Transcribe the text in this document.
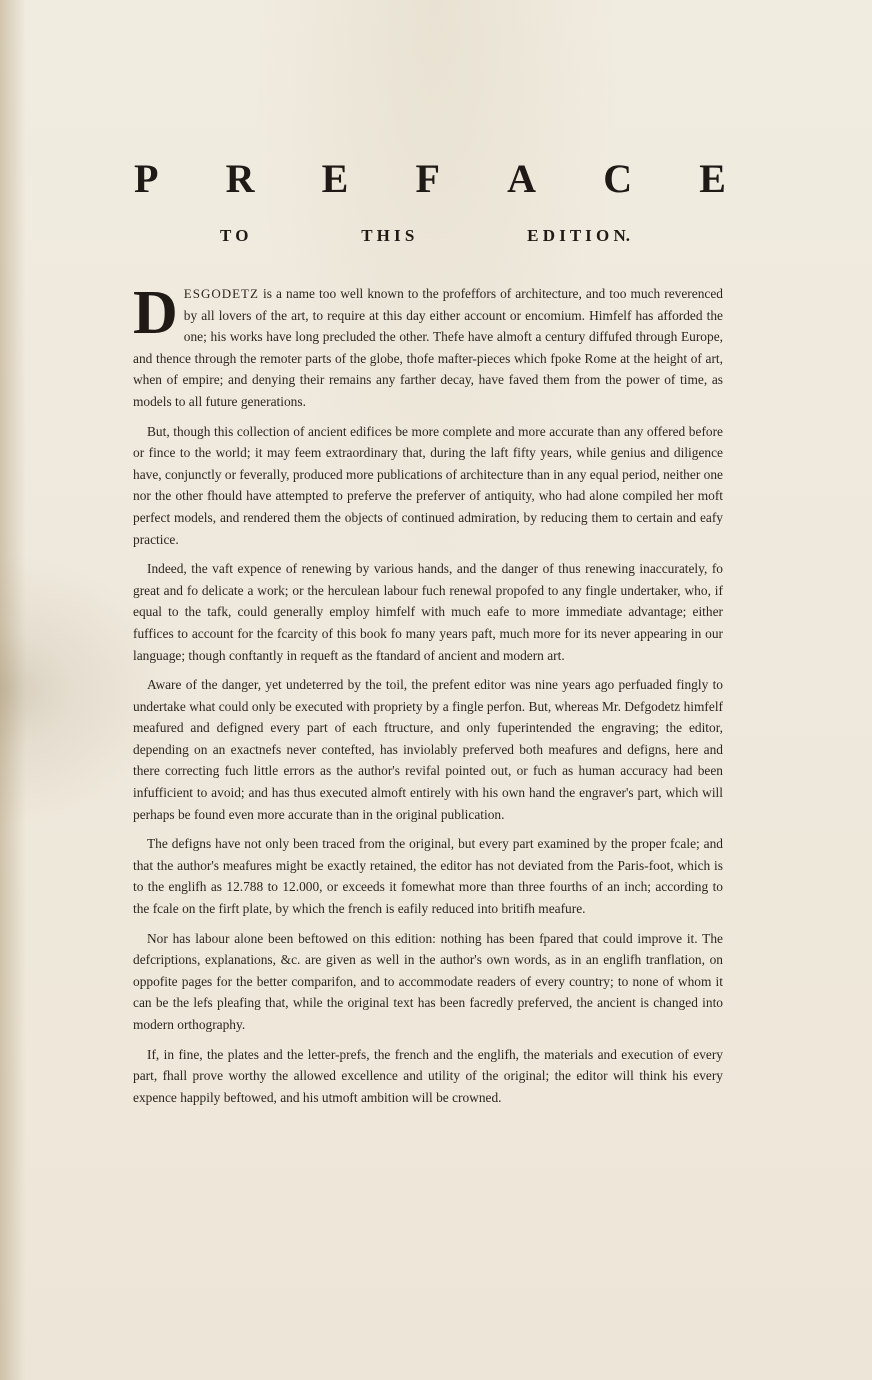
P R E F A C E
T O	T H I S	E D I T I O N.

DESGODETZ is a name too well known to the profeffors of architecture, and too much reverenced by all lovers of the art, to require at this day either account or encomium. Himfelf has afforded the one; his works have long precluded the other. Thefe have almoft a century diffufed through Europe, and thence through the remoter parts of the globe, thofe mafter-pieces which fpoke Rome at the height of art, when of empire; and denying their remains any farther decay, have faved them from the power of time, as models to all future generations.

But, though this collection of ancient edifices be more complete and more accurate than any offered before or fince to the world; it may feem extraordinary that, during the laft fifty years, while genius and diligence have, conjunctly or feverally, produced more publications of architecture than in any equal period, neither one nor the other fhould have attempted to preferve the preferver of antiquity, who had alone compiled her moft perfect models, and rendered them the objects of continued admiration, by reducing them to certain and eafy practice.

Indeed, the vaft expence of renewing by various hands, and the danger of thus renewing inaccurately, fo great and fo delicate a work; or the herculean labour fuch renewal propofed to any fingle undertaker, who, if equal to the tafk, could generally employ himfelf with much eafe to more immediate advantage; either fuffices to account for the fcarcity of this book fo many years paft, much more for its never appearing in our language; though conftantly in requeft as the ftandard of ancient and modern art.

Aware of the danger, yet undeterred by the toil, the prefent editor was nine years ago perfuaded fingly to undertake what could only be executed with propriety by a fingle perfon. But, whereas Mr. Defgodetz himfelf meafured and defigned every part of each ftructure, and only fuperintended the engraving; the editor, depending on an exactnefs never contefted, has inviolably preferved both meafures and defigns, here and there correcting fuch little errors as the author's revifal pointed out, or fuch as human accuracy had been infufficient to avoid; and has thus executed almoft entirely with his own hand the engraver's part, which will perhaps be found even more accurate than in the original publication.

The defigns have not only been traced from the original, but every part examined by the proper fcale; and that the author's meafures might be exactly retained, the editor has not deviated from the Paris-foot, which is to the englifh as 12.788 to 12.000, or exceeds it fomewhat more than three fourths of an inch; according to the fcale on the firft plate, by which the french is eafily reduced into britifh meafure.

Nor has labour alone been beftowed on this edition: nothing has been fpared that could improve it. The defcriptions, explanations, &c. are given as well in the author's own words, as in an englifh tranflation, on oppofite pages for the better comparifon, and to accommodate readers of every country; to none of whom it can be the lefs pleafing that, while the original text has been facredly preferved, the ancient is changed into modern orthography.

If, in fine, the plates and the letter-prefs, the french and the englifh, the materials and execution of every part, fhall prove worthy the allowed excellence and utility of the original; the editor will think his every expence happily beftowed, and his utmoft ambition will be crowned.
